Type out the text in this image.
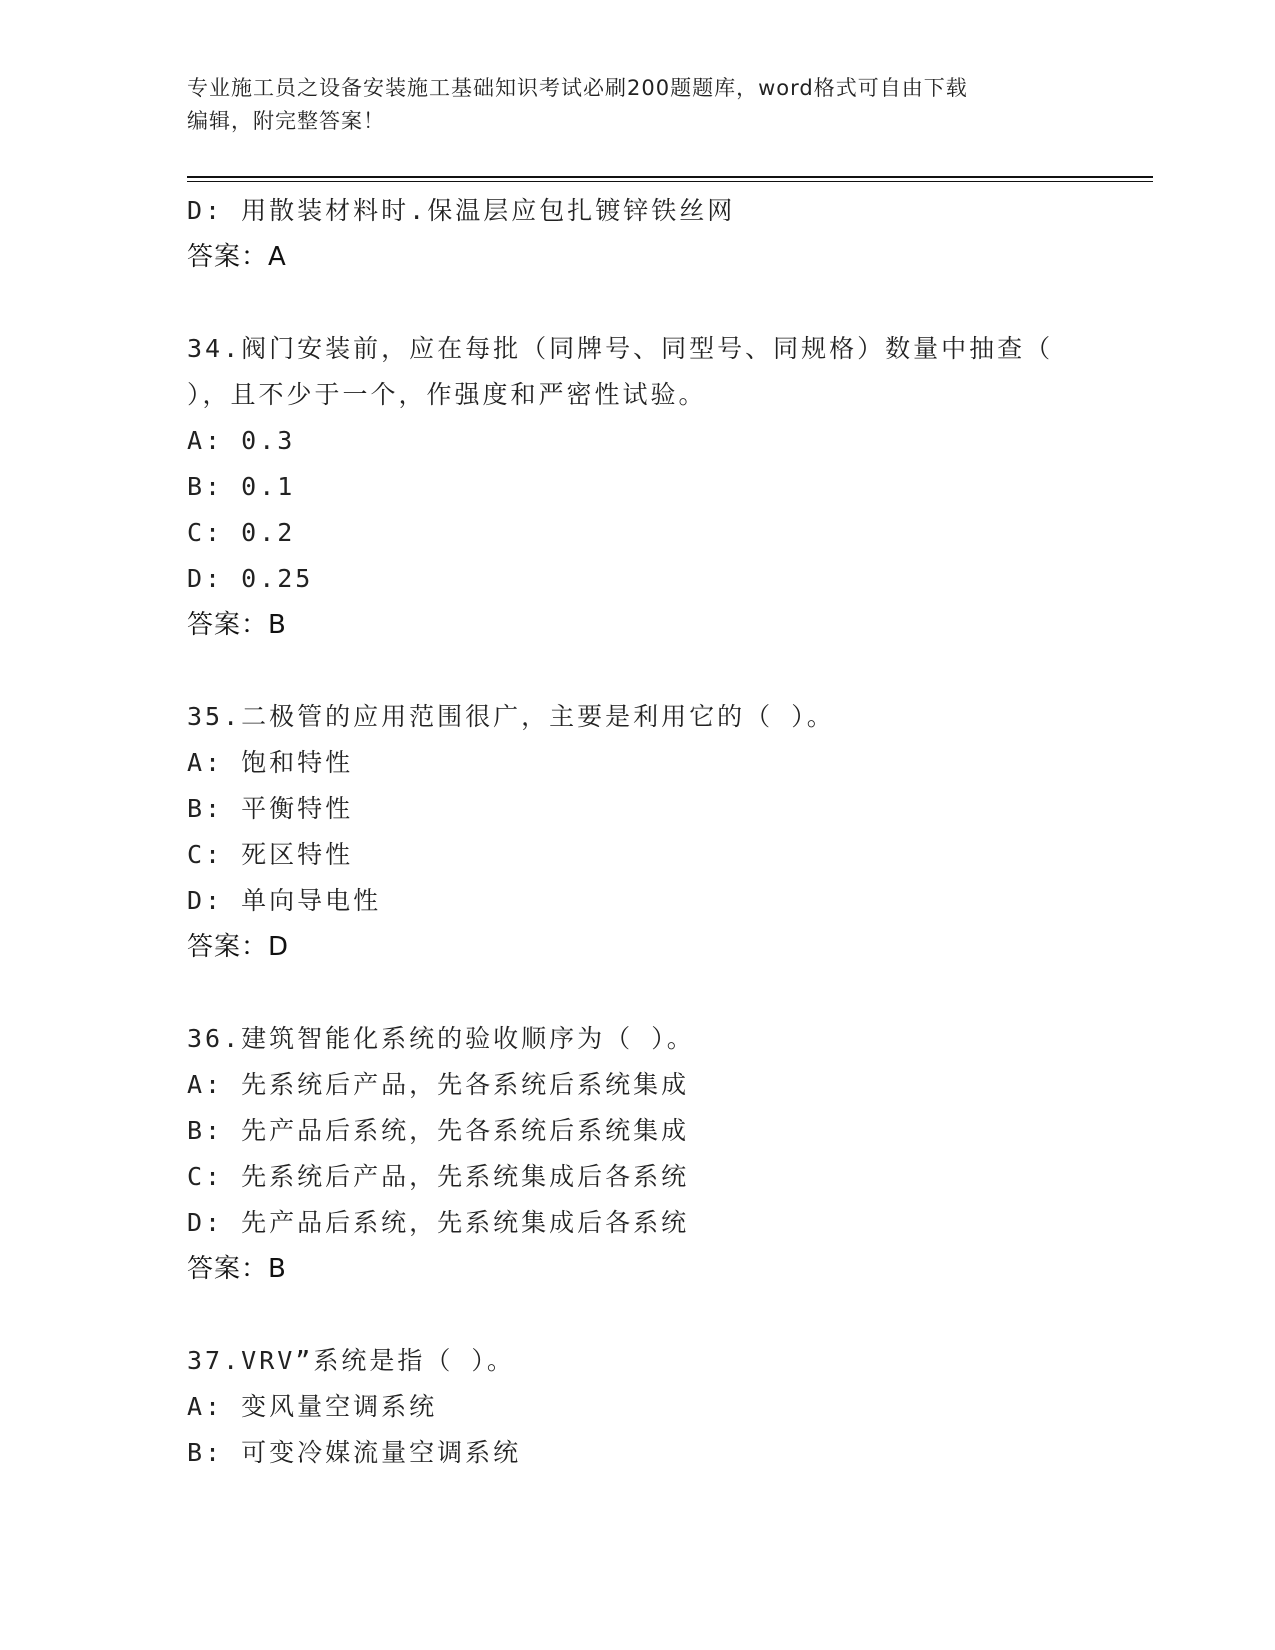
专业施工员之设备安装施工基础知识考试必刷200题题库，word格式可自由下载
编辑，附完整答案！
D: 用散装材料时.保温层应包扎镀锌铁丝网
答案：A
34.阀门安装前，应在每批（同牌号、同型号、同规格）数量中抽查（
），且不少于一个，作强度和严密性试验。
A: 0.3
B: 0.1
C: 0.2
D: 0.25
答案：B
35.二极管的应用范围很广，主要是利用它的（ ）。
A: 饱和特性
B: 平衡特性
C: 死区特性
D: 单向导电性
答案：D
36.建筑智能化系统的验收顺序为（ ）。
A: 先系统后产品，先各系统后系统集成
B: 先产品后系统，先各系统后系统集成
C: 先系统后产品，先系统集成后各系统
D: 先产品后系统，先系统集成后各系统
答案：B
37.VRV”系统是指（ ）。
A: 变风量空调系统
B: 可变冷媒流量空调系统
